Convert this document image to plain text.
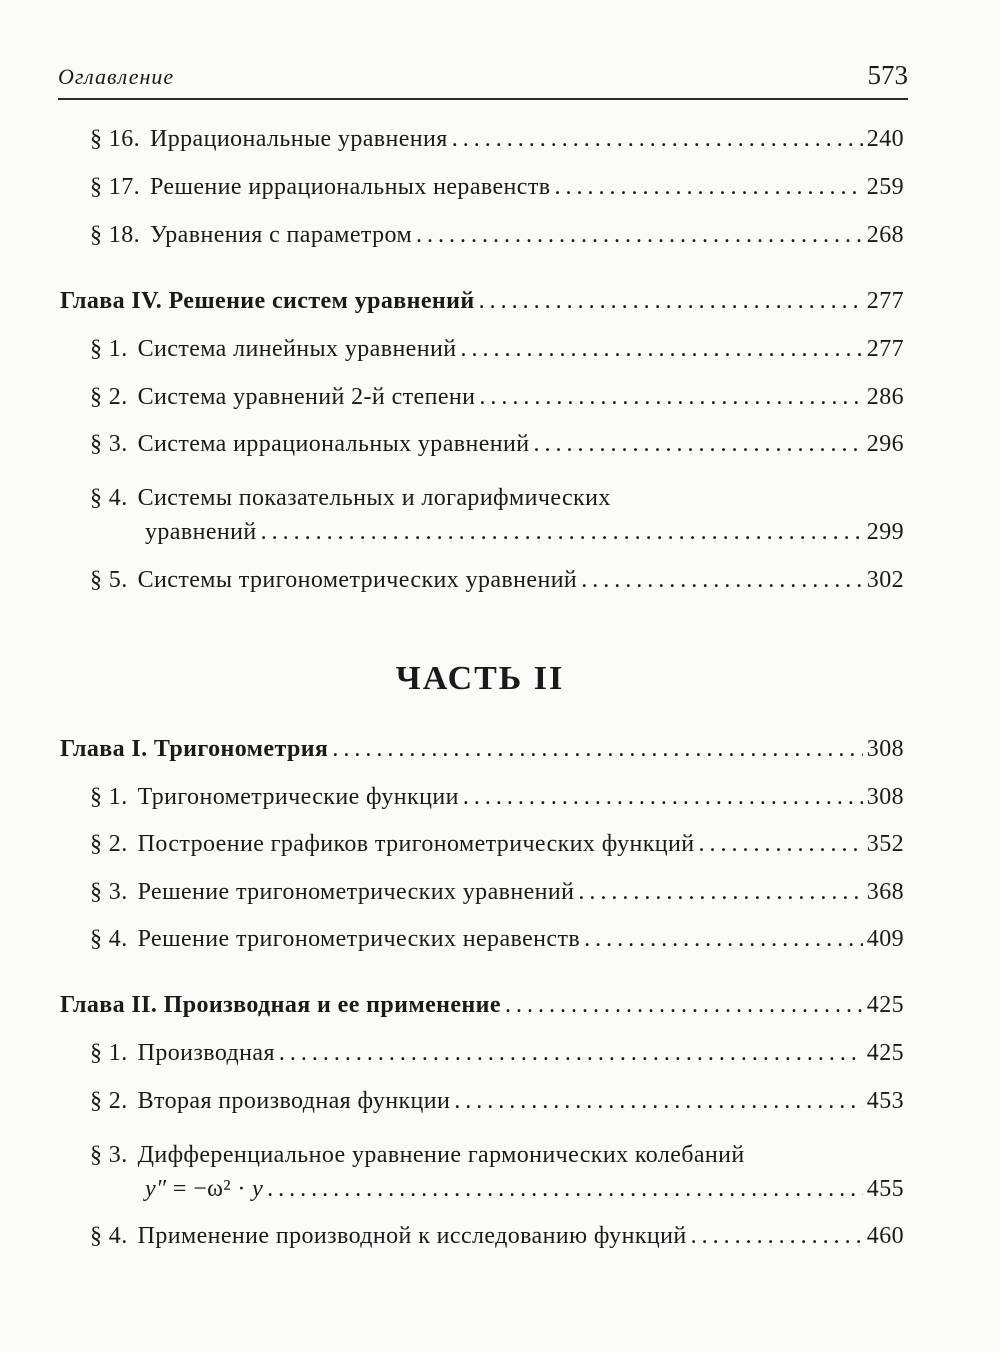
Оглавление	573
§ 16. Иррациональные уравнения .....	240
§ 17. Решение иррациональных неравенств .....	259
§ 18. Уравнения с параметром .....	268
Глава IV. Решение систем уравнений .....	277
§ 1. Система линейных уравнений .....	277
§ 2. Система уравнений 2-й степени .....	286
§ 3. Система иррациональных уравнений .....	296
§ 4. Системы показательных и логарифмических
уравнений .....	299
§ 5. Системы тригонометрических уравнений .....	302
ЧАСТЬ II
Глава I. Тригонометрия .....	308
§ 1. Тригонометрические функции .....	308
§ 2. Построение графиков тригонометрических функций .....	352
§ 3. Решение тригонометрических уравнений .....	368
§ 4. Решение тригонометрических неравенств .....	409
Глава II. Производная и ее применение .....	425
§ 1. Производная .....	425
§ 2. Вторая производная функции .....	453
§ 3. Дифференциальное уравнение гармонических колебаний
y″ = −ω² · y .....	455
§ 4. Применение производной к исследованию функций .....	460
